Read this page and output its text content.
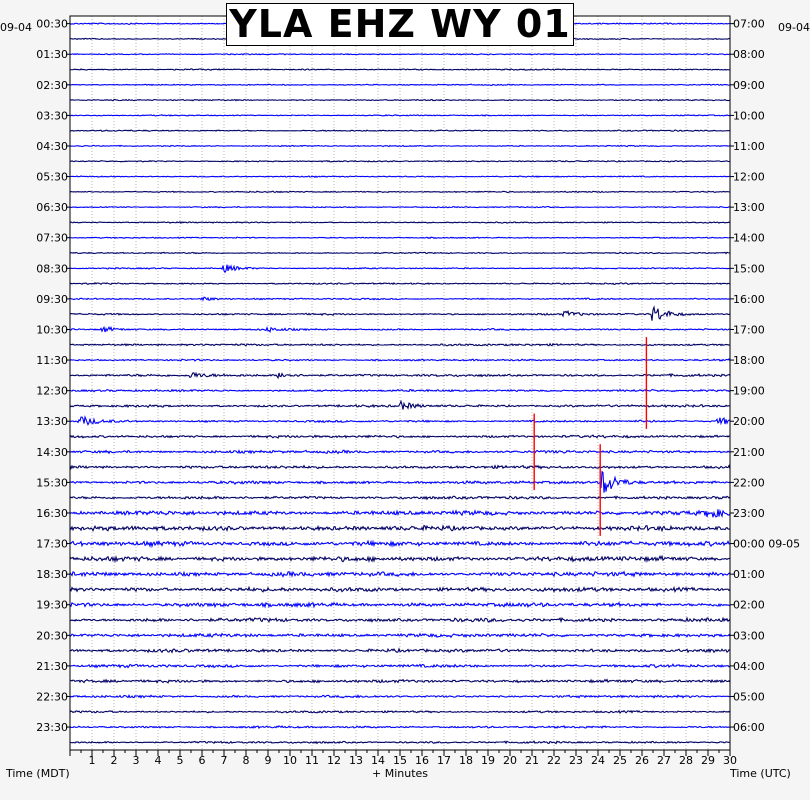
1 2 3 4 5 6 7 8 9 10 11 12 13 14 15 16 17 18 19 20 21 22 23 24 25 26 27 28 29 30
00:30
01:30
02:30
03:30
04:30
05:30
06:30
07:30
08:30
09:30
10:30
11:30
12:30
13:30
14:30
15:30
16:30
17:30
18:30
19:30
20:30
21:30
22:30
23:30
07:00
08:00
09:00
10:00
11:00
12:00
13:00
14:00
15:00
16:00
17:00
18:00
19:00
20:00
21:00
22:00
23:00
00:00 09-05
01:00
02:00
03:00
04:00
05:00
06:00
YLA EHZ WY 01
09-04	09-04
Time (MDT)	+ Minutes	Time (UTC)
